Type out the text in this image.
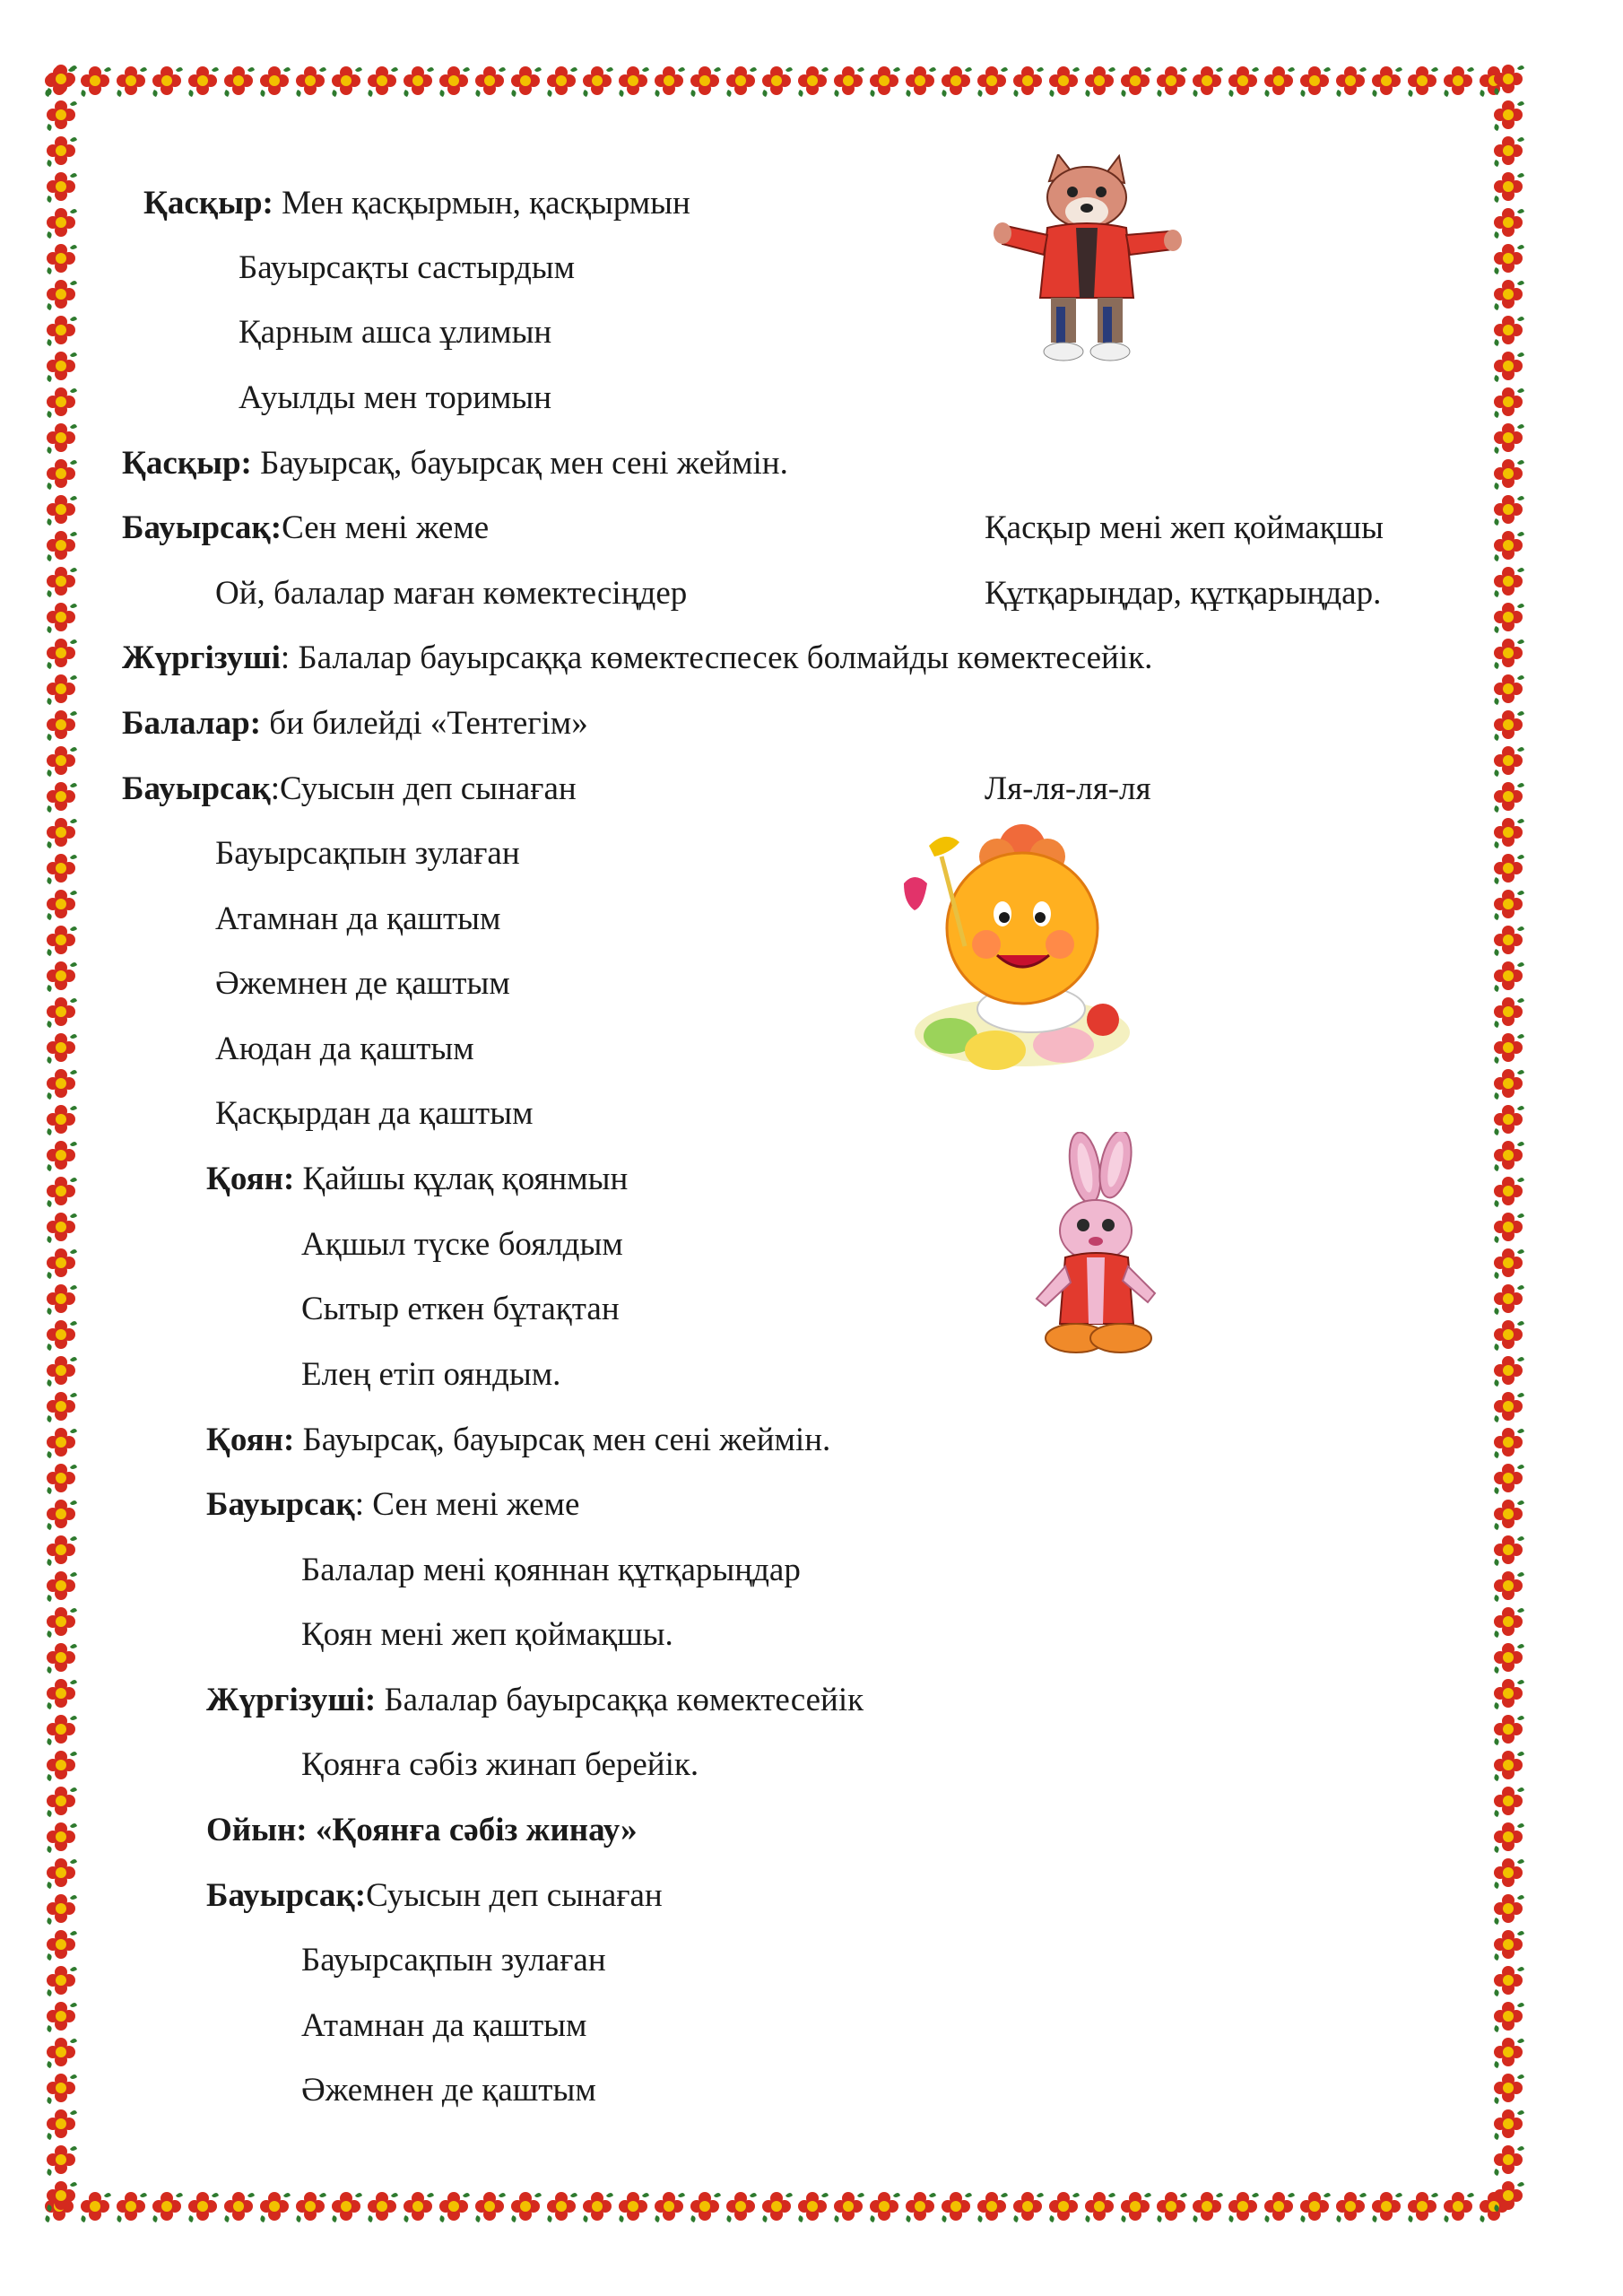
Қасқыр: Мен қасқырмын, қасқырмын
Бауырсақты састырдым
Қарным ашса ұлимын
Ауылды мен торимын
Қасқыр: Бауырсақ, бауырсақ мен сені жеймін.
Бауырсақ:Сен мені жеме	Қасқыр мені жеп қоймақшы
Ой, балалар маған көмектесіңдер	Құтқарыңдар, құтқарыңдар.
Жүргізуші: Балалар бауырсаққа көмектеспесек болмайды көмектесейік.
Балалар: би билейді «Тентегім»
Бауырсақ:Суысын деп сынаған	Ля-ля-ля-ля
Бауырсақпын зулаған
Атамнан да қаштым
Әжемнен де қаштым
Аюдан да қаштым
Қасқырдан да қаштым
Қоян: Қайшы құлақ қоянмын
Ақшыл түске боялдым
Сытыр еткен бұтақтан
Елең етіп ояндым.
Қоян: Бауырсақ, бауырсақ мен сені жеймін.
Бауырсақ: Сен мені жеме
Балалар мені қояннан құтқарыңдар
Қоян мені жеп қоймақшы.
Жүргізуші: Балалар бауырсаққа көмектесейік
Қоянға сәбіз жинап берейік.
Ойын: «Қоянға сәбіз жинау»
Бауырсақ:Суысын деп сынаған
Бауырсақпын зулаған
Атамнан да қаштым
Әжемнен де қаштым
